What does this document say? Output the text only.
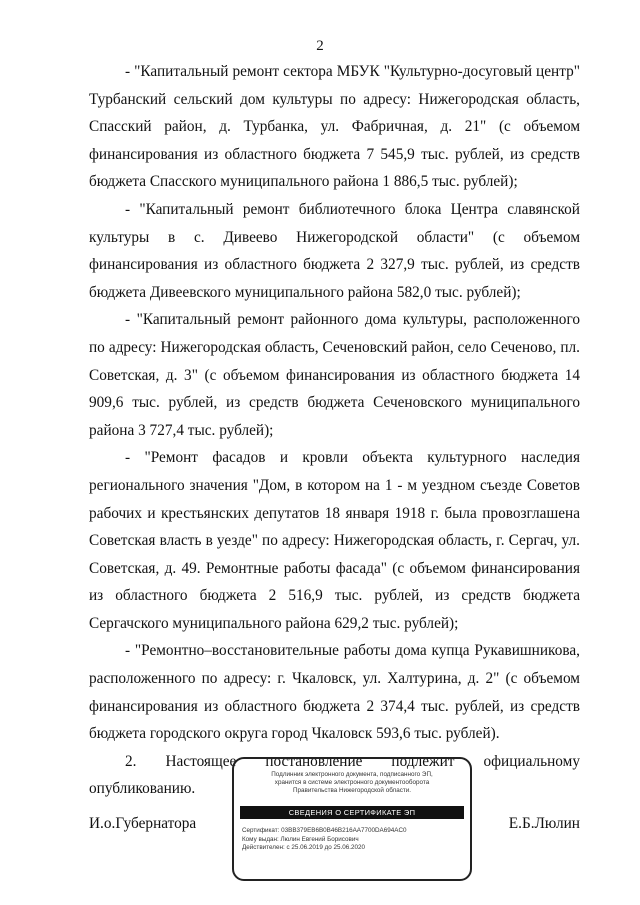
2

- "Капитальный ремонт сектора МБУК "Культурно-досуговый центр" Турбанский сельский дом культуры по адресу: Нижегородская область, Спасский район, д. Турбанка, ул. Фабричная, д. 21" (с объемом финансирования из областного бюджета 7 545,9 тыс. рублей, из средств бюджета Спасского муниципального района 1 886,5 тыс. рублей);

- "Капитальный ремонт библиотечного блока Центра славянской культуры в с. Дивеево Нижегородской области" (с объемом финансирования из областного бюджета 2 327,9 тыс. рублей, из средств бюджета Дивеевского муниципального района 582,0 тыс. рублей);

- "Капитальный ремонт районного дома культуры, расположенного по адресу: Нижегородская область, Сеченовский район, село Сеченово, пл. Советская, д. 3" (с объемом финансирования из областного бюджета 14 909,6 тыс. рублей, из средств бюджета Сеченовского муниципального района 3 727,4 тыс. рублей);

- "Ремонт фасадов и кровли объекта культурного наследия регионального значения "Дом, в котором на 1 - м уездном съезде Советов рабочих и крестьянских депутатов 18 января 1918 г. была провозглашена Советская власть в уезде" по адресу: Нижегородская область, г. Сергач, ул. Советская, д. 49. Ремонтные работы фасада" (с объемом финансирования из областного бюджета 2 516,9 тыс. рублей, из средств бюджета Сергачского муниципального района 629,2 тыс. рублей);

- "Ремонтно–восстановительные работы дома купца Рукавишникова, расположенного по адресу: г. Чкаловск, ул. Халтурина, д. 2" (с объемом финансирования из областного бюджета 2 374,4 тыс. рублей, из средств бюджета городского округа город Чкаловск 593,6 тыс. рублей).

2. Настоящее постановление подлежит официальному опубликованию.

И.о.Губернатора	Е.Б.Люлин
Подлинник электронного документа, подписанного ЭП,
хранится в системе электронного документооборота
Правительства Нижегородской области.
СВЕДЕНИЯ О СЕРТИФИКАТЕ ЭП
Сертификат: 03BB379EB6B0B46B216AA7700DA694AC0
Кому выдан: Люлин Евгений Борисович
Действителен: с 25.06.2019 до 25.06.2020
